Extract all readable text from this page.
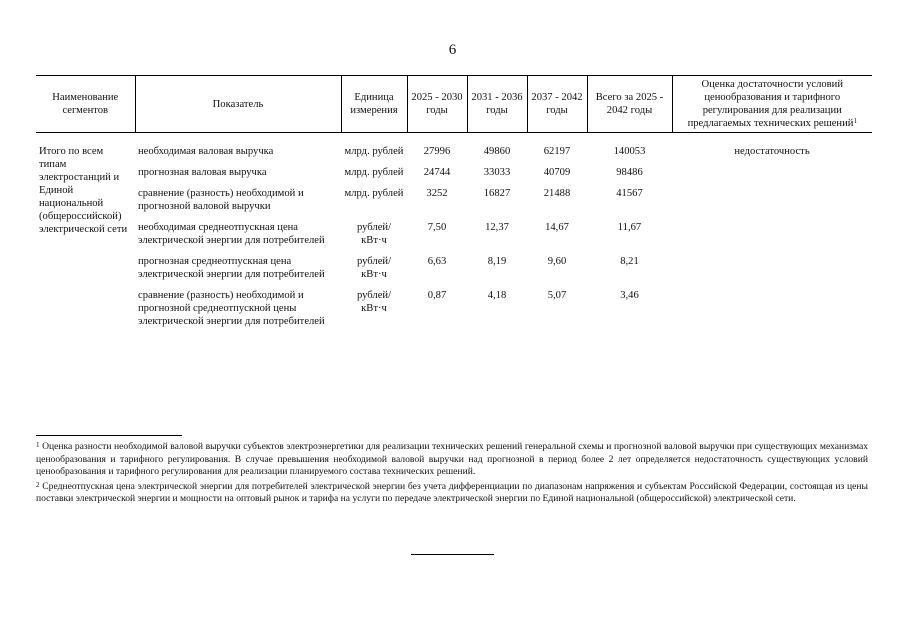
6
Наименование сегментов	Показатель	Единица измерения	2025 - 2030 годы	2031 - 2036 годы	2037 - 2042 годы	Всего за 2025 - 2042 годы	Оценка достаточности условий ценообразования и тарифного регулирования для реализации предлагаемых технических решений$^1$
Итого по всем типам электростанций и Единой национальной (общероссийской) электрической сети	необходимая валовая выручка	млрд. рублей	27996	49860	62197	140053	недостаточность
	прогнозная валовая выручка	млрд. рублей	24744	33033	40709	98486	
	сравнение (разность) необходимой и прогнозной валовой выручки	млрд. рублей	3252	16827	21488	41567	
	необходимая среднеотпускная цена электрической энергии для потребителей	рублей/ кВт·ч	7,50	12,37	14,67	11,67	
	прогнозная среднеотпускная цена электрической энергии для потребителей	рублей/ кВт·ч	6,63	8,19	9,60	8,21	
	сравнение (разность) необходимой и прогнозной среднеотпускной цены электрической энергии для потребителей	рублей/ кВт·ч	0,87	4,18	5,07	3,46	

$^1$ Оценка разности необходимой валовой выручки субъектов электроэнергетики для реализации технических решений генеральной схемы и прогнозной валовой выручки при существующих механизмах ценообразования и тарифного регулирования. В случае превышения необходимой валовой выручки над прогнозной в период более 2 лет определяется недостаточность существующих условий ценообразования и тарифного регулирования для реализации планируемого состава технических решений.

$^2$ Среднеотпускная цена электрической энергии для потребителей электрической энергии без учета дифференциации по диапазонам напряжения и субъектам Российской Федерации, состоящая из цены поставки электрической энергии и мощности на оптовый рынок и тарифа на услуги по передаче электрической энергии по Единой национальной (общероссийской) электрической сети.
